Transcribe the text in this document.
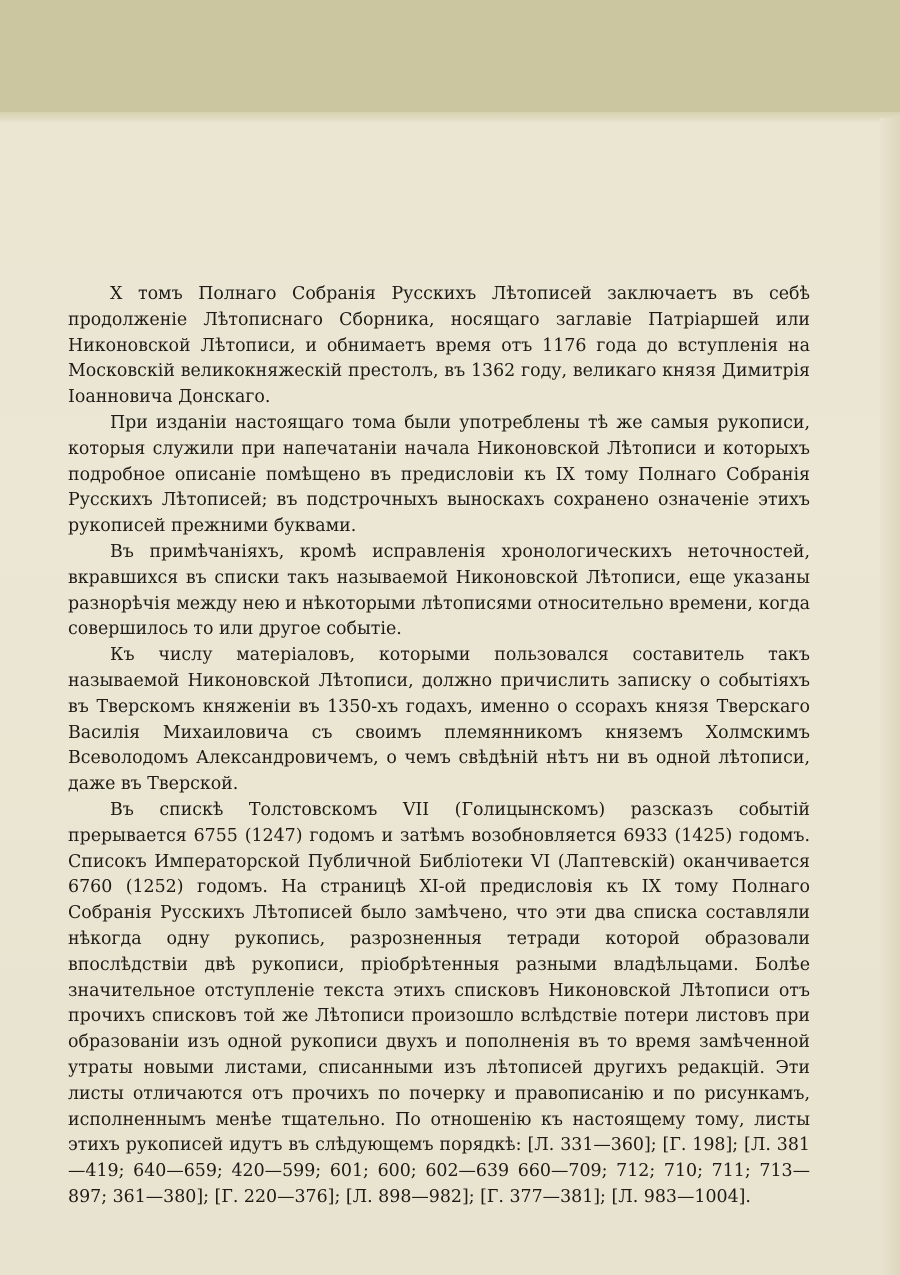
X томъ Полнаго Собранія Русскихъ Лѣтописей заключаетъ въ себѣ продолженіе Лѣтописнаго Сборника, носящаго заглавіе Патріаршей или Никоновской Лѣтописи, и обнимаетъ время отъ 1176 года до вступленія на Московскій великокняжескій престолъ, въ 1362 году, великаго князя Димитрія Іоанновича Донскаго.

При изданіи настоящаго тома были употреблены тѣ же самыя рукописи, которыя служили при напечатаніи начала Никоновской Лѣтописи и которыхъ подробное описаніе помѣщено въ предисловіи къ IX тому Полнаго Собранія Русскихъ Лѣтописей; въ подстрочныхъ выноскахъ сохранено означеніе этихъ рукописей прежними буквами.

Въ примѣчаніяхъ, кромѣ исправленія хронологическихъ неточностей, вкравшихся въ списки такъ называемой Никоновской Лѣтописи, еще указаны разнорѣчія между нею и нѣкоторыми лѣтописями относительно времени, когда совершилось то или другое событіе.

Къ числу матеріаловъ, которыми пользовался составитель такъ называемой Никоновской Лѣтописи, должно причислить записку о событіяхъ въ Тверскомъ княженіи въ 1350-хъ годахъ, именно о ссорахъ князя Тверскаго Василія Михаиловича съ своимъ племянникомъ княземъ Холмскимъ Всеволодомъ Александровичемъ, о чемъ свѣдѣній нѣтъ ни въ одной лѣтописи, даже въ Тверской.

Въ спискѣ Толстовскомъ VII (Голицынскомъ) разсказъ событій прерывается 6755 (1247) годомъ и затѣмъ возобновляется 6933 (1425) годомъ. Списокъ Императорской Публичной Библіотеки VI (Лаптевскій) оканчивается 6760 (1252) годомъ. На страницѣ XI-ой предисловія къ IX тому Полнаго Собранія Русскихъ Лѣтописей было замѣчено, что эти два списка составляли нѣкогда одну рукопись, разрозненныя тетради которой образовали впослѣдствіи двѣ рукописи, пріобрѣтенныя разными владѣльцами. Болѣе значительное отступленіе текста этихъ списковъ Никоновской Лѣтописи отъ прочихъ списковъ той же Лѣтописи произошло вслѣдствіе потери листовъ при образованіи изъ одной рукописи двухъ и пополненія въ то время замѣченной утраты новыми листами, списанными изъ лѣтописей другихъ редакцій. Эти листы отличаются отъ прочихъ по почерку и правописанію и по рисункамъ, исполненнымъ менѣе тщательно. По отношенію къ настоящему тому, листы этихъ рукописей идутъ въ слѣдующемъ порядкѣ: [Л. 331—360]; [Г. 198]; [Л. 381—419; 640—659; 420—599; 601; 600; 602—639 660—709; 712; 710; 711; 713—897; 361—380]; [Г. 220—376]; [Л. 898—982]; [Г. 377—381]; [Л. 983—1004].
